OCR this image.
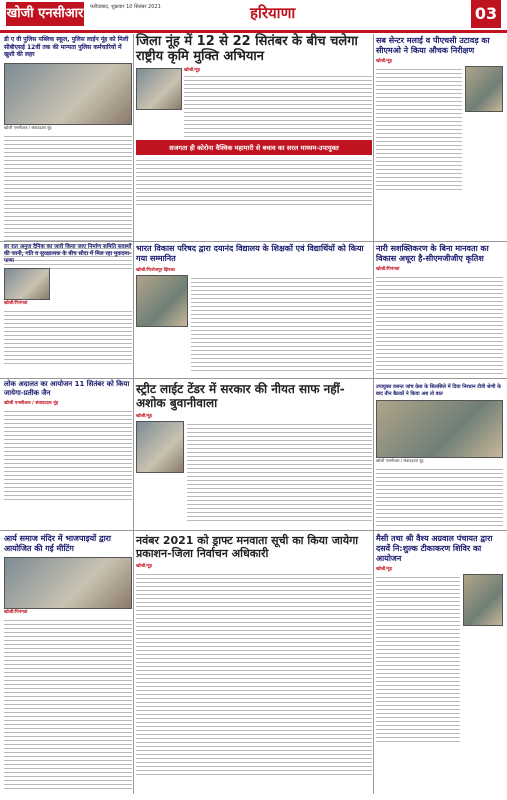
खोजी एनसीआर फरीदाबाद, शुक्रवार 10 सितंबर 2021	हरियाणा	03
डी ए वी पुलिस पब्लिक स्कूल, पुलिस लाईन नूंह को मिली सीबीएसई 12वीं तक की मान्यता पुलिस कर्मचारियों में खुशी की लहर
खोजी एनसीआर / संवाददाता नूंह
जिला नूंह में 12 से 22 सितंबर के बीच चलेगा राष्ट्रीय कृमि मुक्ति अभियान
खोजी/नूंह
सजगता ही कोरोना वैश्विक महामारी से बचाव का सरल माध्यम-उपायुक्त
सब सेन्टर मलाई व पीएचसी उटावड़ का सीएमओ ने किया औचक निरीक्षण
खोजी/नूंह
डर रात अनुज दैनिक का जारी किया जाए निर्माण समिति सदस्यों की जानी, गति व सुरक्षात्मक के बीच सौदा में मिल रहा मुकदमा-पाणा
खोजी/पिनंगवां
भारत विकास परिषद द्वारा दयानंद विद्यालय के शिक्षकों एवं विद्यार्थियों को किया गया सम्मानित
खोजी/फिरोजपुर झिरका
नारी सशक्तिकरण के बिना मानवता का विकास अधूरा है-सीएमजीजीए कृतिश
खोजी/पिनंगवां
लोक अदालत का आयोजन 11 सितंबर को किया जायेगा-प्रतीक जैन
खोजी एनसीआर / संवाददाता नूंह
स्ट्रीट लाईट टेंडर में सरकार की नीयत साफ नहीं-अशोक बुवानीवाला
खोजी/नूंह
उपायुक्त वसन्त जांच केस के सिलसिले में दिया निरधान टीवी श्रेणी के बाद तीन बैठकों ने किया अब तो बात
खोजी एनसीआर / संवाददाता नूंह
आर्य समाज मंदिर में भाजपाइयों द्वारा आयोजित की गई मीटिंग
खोजी/पिनंगवां
नवंबर 2021 को ड्राफ्ट मनवाता सूची का किया जायेगा प्रकाशन-जिला निर्वाचन अधिकारी
खोजी/नूंह
मैसी तथा श्री वैश्य अग्रवाल पंचायत द्वारा दसवें नि:शुल्क टीकाकरण शिविर का आयोजन
खोजी/नूंह
